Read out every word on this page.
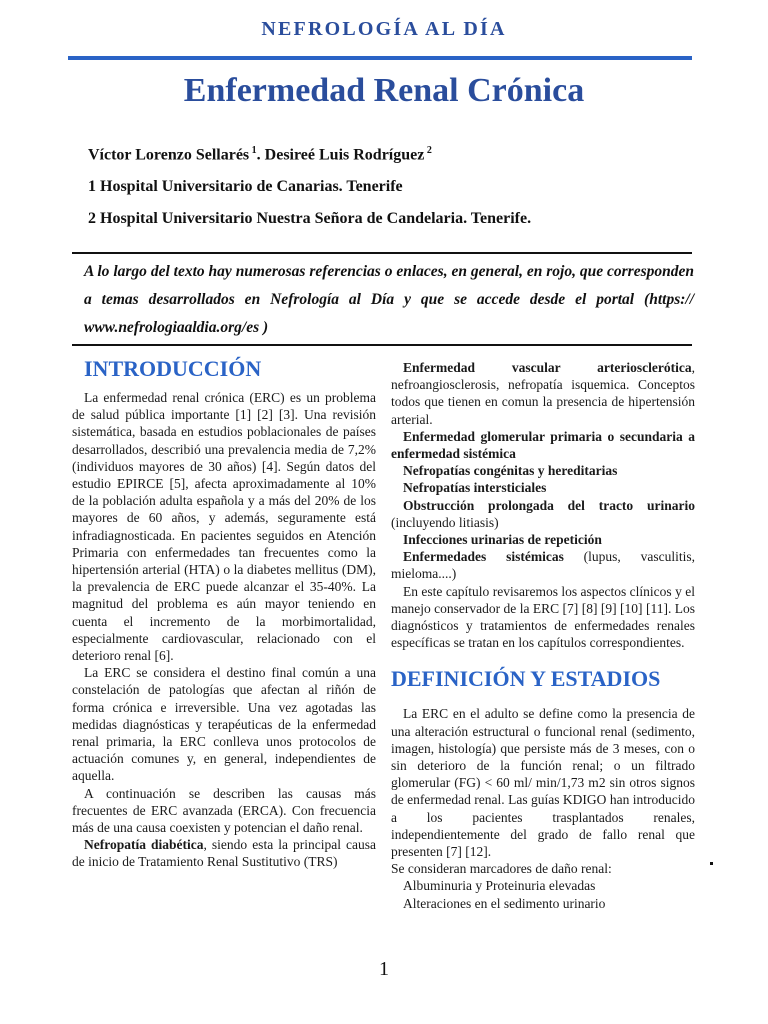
NEFROLOGÍA AL DÍA
Enfermedad Renal Crónica
Víctor Lorenzo Sellarés $^1$. Desireé Luis Rodríguez $^2$
1 Hospital Universitario de Canarias. Tenerife
2 Hospital Universitario Nuestra Señora de Candelaria. Tenerife.
A lo largo del texto hay numerosas referencias o enlaces, en general, en rojo, que corresponden a temas desarrollados en Nefrología al Día y que se accede desde el portal (https:// www.nefrologiaaldia.org/es )
INTRODUCCIÓN

La enfermedad renal crónica (ERC) es un problema de salud pública importante [1] [2] [3]. Una revisión sistemática, basada en estudios poblacionales de países desarrollados, describió una prevalencia media de 7,2% (individuos mayores de 30 años) [4]. Según datos del estudio EPIRCE [5], afecta aproximadamente al 10% de la población adulta española y a más del 20% de los mayores de 60 años, y además, seguramente está infradiagnosticada. En pacientes seguidos en Atención Primaria con enfermedades tan frecuentes como la hipertensión arterial (HTA) o la diabetes mellitus (DM), la prevalencia de ERC puede alcanzar el 35-40%. La magnitud del problema es aún mayor teniendo en cuenta el incremento de la morbimortalidad, especialmente cardiovascular, relacionado con el deterioro renal [6].

La ERC se considera el destino final común a una constelación de patologías que afectan al riñón de forma crónica e irreversible. Una vez agotadas las medidas diagnósticas y terapéuticas de la enfermedad renal primaria, la ERC conlleva unos protocolos de actuación comunes y, en general, independientes de aquella.

A continuación se describen las causas más frecuentes de ERC avanzada (ERCA). Con frecuencia más de una causa coexisten y potencian el daño renal.

Nefropatía diabética, siendo esta la principal causa de inicio de Tratamiento Renal Sustitutivo (TRS)

Enfermedad vascular arteriosclerótica, nefroangiosclerosis, nefropatía isquemica. Conceptos todos que tienen en comun la presencia de hipertensión arterial.

Enfermedad glomerular primaria o secundaria a enfermedad sistémica

Nefropatías congénitas y hereditarias

Nefropatías intersticiales

Obstrucción prolongada del tracto urinario (incluyendo litiasis)

Infecciones urinarias de repetición

Enfermedades sistémicas (lupus, vasculitis, mieloma....)

En este capítulo revisaremos los aspectos clínicos y el manejo conservador de la ERC [7] [8] [9] [10] [11]. Los diagnósticos y tratamientos de enfermedades renales específicas se tratan en los capítulos correspondientes.

DEFINICIÓN Y ESTADIOS

La ERC en el adulto se define como la presencia de una alteración estructural o funcional renal (sedimento, imagen, histología) que persiste más de 3 meses, con o sin deterioro de la función renal; o un filtrado glomerular (FG) < 60 ml/ min/1,73 m2 sin otros signos de enfermedad renal. Las guías KDIGO han introducido a los pacientes trasplantados renales, independientemente del grado de fallo renal que presenten [7] [12].

Se consideran marcadores de daño renal:

Albuminuria y Proteinuria elevadas

Alteraciones en el sedimento urinario

1
